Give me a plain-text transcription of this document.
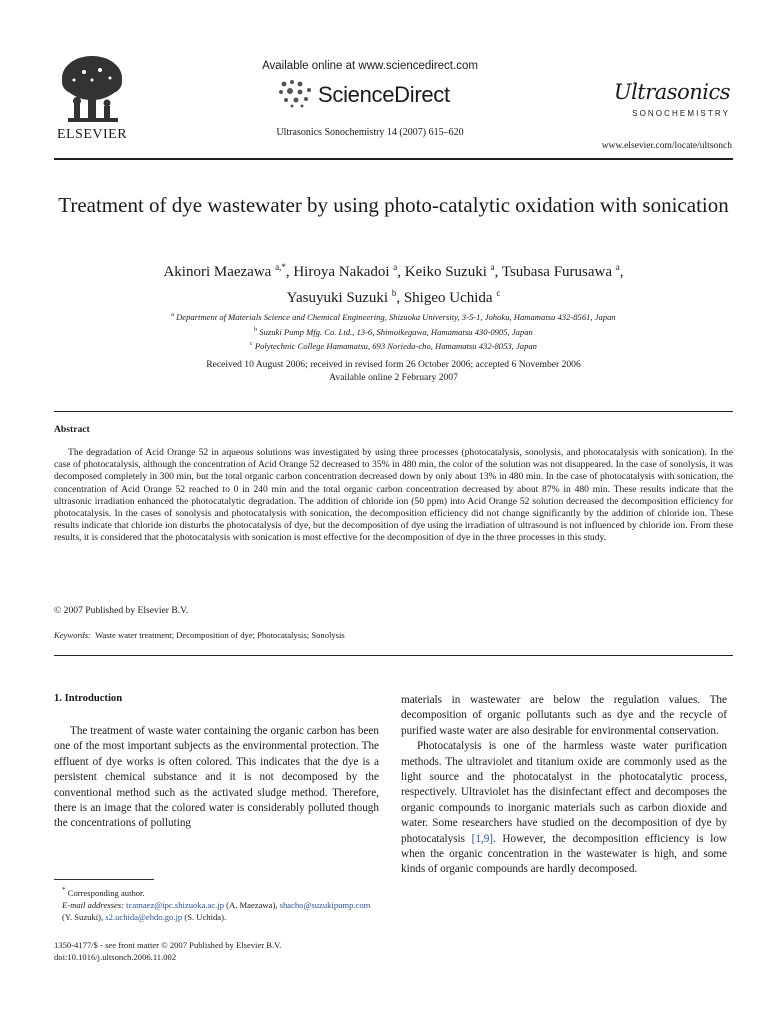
ELSEVIER
Available online at www.sciencedirect.com
ScienceDirect
Ultrasonics Sonochemistry 14 (2007) 615–620
Ultrasonics
SONOCHEMISTRY
www.elsevier.com/locate/ultsonch
Treatment of dye wastewater by using photo-catalytic oxidation with sonication
Akinori Maezawa $^{a,*}$, Hiroya Nakadoi $^a$, Keiko Suzuki $^a$, Tsubasa Furusawa $^a$,
Yasuyuki Suzuki $^b$, Shigeo Uchida $^c$
$^a$ Department of Materials Science and Chemical Engineering, Shizuoka University, 3-5-1, Johoku, Hamamatsu 432-8561, Japan
$^b$ Suzuki Pump Mfg. Co. Ltd., 13-6, Shimoikegawa, Hamamatsu 430-0905, Japan
$^c$ Polytechnic College Hamamatsu, 693 Norieda-cho, Hamamatsu 432-8053, Japan
Received 10 August 2006; received in revised form 26 October 2006; accepted 6 November 2006
Available online 2 February 2007
Abstract
The degradation of Acid Orange 52 in aqueous solutions was investigated by using three processes (photocatalysis, sonolysis, and photocatalysis with sonication). In the case of photocatalysis, although the concentration of Acid Orange 52 decreased to 35% in 480 min, the color of the solution was not disappeared. In the case of sonolysis, it was decomposed completely in 300 min, but the total organic carbon concentration decreased down by only about 13% in 480 min. In the case of photocatalysis with sonication, the concentration of Acid Orange 52 reached to 0 in 240 min and the total organic carbon concentration decreased by about 87% in 480 min. These results indicate that the ultrasonic irradiation enhanced the photocatalytic degradation. The addition of chloride ion (50 ppm) into Acid Orange 52 solution decreased the decomposition efficiency for photocatalysis. In the cases of sonolysis and photocatalysis with sonication, the decomposition efficiency did not change significantly by the addition of chloride ion. These results indicate that chloride ion disturbs the photocatalysis of dye, but the decomposition of dye using the irradiation of ultrasound is not influenced by chloride ion. From these results, it is considered that the photocatalysis with sonication is most effective for the decomposition of dye in the three processes in this study.
© 2007 Published by Elsevier B.V.
Keywords: Waste water treatment; Decomposition of dye; Photocatalysis; Sonolysis
1. Introduction
The treatment of waste water containing the organic carbon has been one of the most important subjects as the environmental protection. The effluent of dye works is often colored. This indicates that the dye is a persistent chemical substance and it is not decomposed by the conventional method such as the activated sludge method. Therefore, there is an image that the colored water is considerably polluted though the concentrations of polluting

materials in wastewater are below the regulation values. The decomposition of organic pollutants such as dye and the recycle of purified waste water are also desirable for environmental conservation.

Photocatalysis is one of the harmless waste water purification methods. The ultraviolet and titanium oxide are commonly used as the light source and the photocatalyst in the photocatalytic process, respectively. Ultraviolet has the disinfectant effect and decomposes the organic compounds to inorganic materials such as carbon dioxide and water. Some researchers have studied on the decomposition of dye by photocatalysis [1,9]. However, the decomposition efficiency is low when the organic concentration in the wastewater is high, and some kinds of organic compounds are hardly decomposed.

* Corresponding author.
E-mail addresses: tcamaez@ipc.shizuoka.ac.jp (A. Maezawa), shacho@suzukipump.com (Y. Suzuki), s2.uchida@ehdo.go.jp (S. Uchida).
1350-4177/$ - see front matter © 2007 Published by Elsevier B.V.
doi:10.1016/j.ultsonch.2006.11.002
